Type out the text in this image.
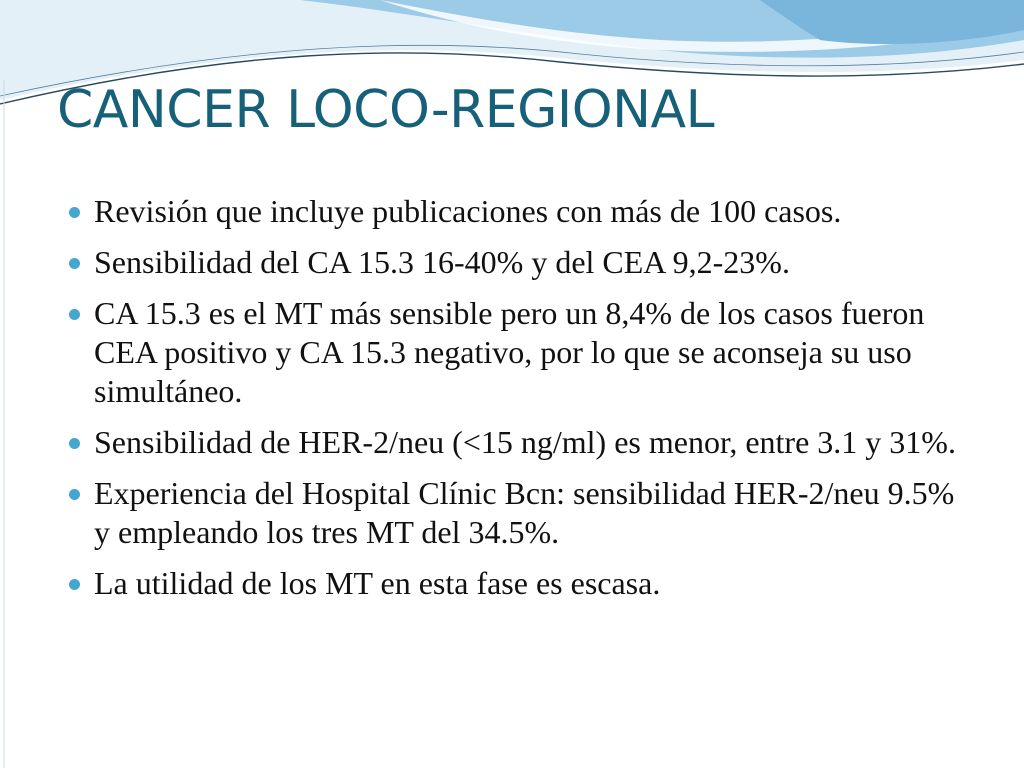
CANCER LOCO-REGIONAL
Revisión que incluye publicaciones con más de 100 casos.
Sensibilidad del CA 15.3 16-40% y del CEA 9,2-23%.
CA 15.3 es el MT más sensible pero un 8,4% de los casos fueron CEA positivo y CA 15.3 negativo, por lo que se aconseja su uso simultáneo.
Sensibilidad de HER-2/neu (<15 ng/ml) es menor, entre 3.1 y 31%.
Experiencia del Hospital Clínic Bcn: sensibilidad HER-2/neu 9.5% y empleando los tres MT del 34.5%.
La utilidad de los MT en esta fase es escasa.
